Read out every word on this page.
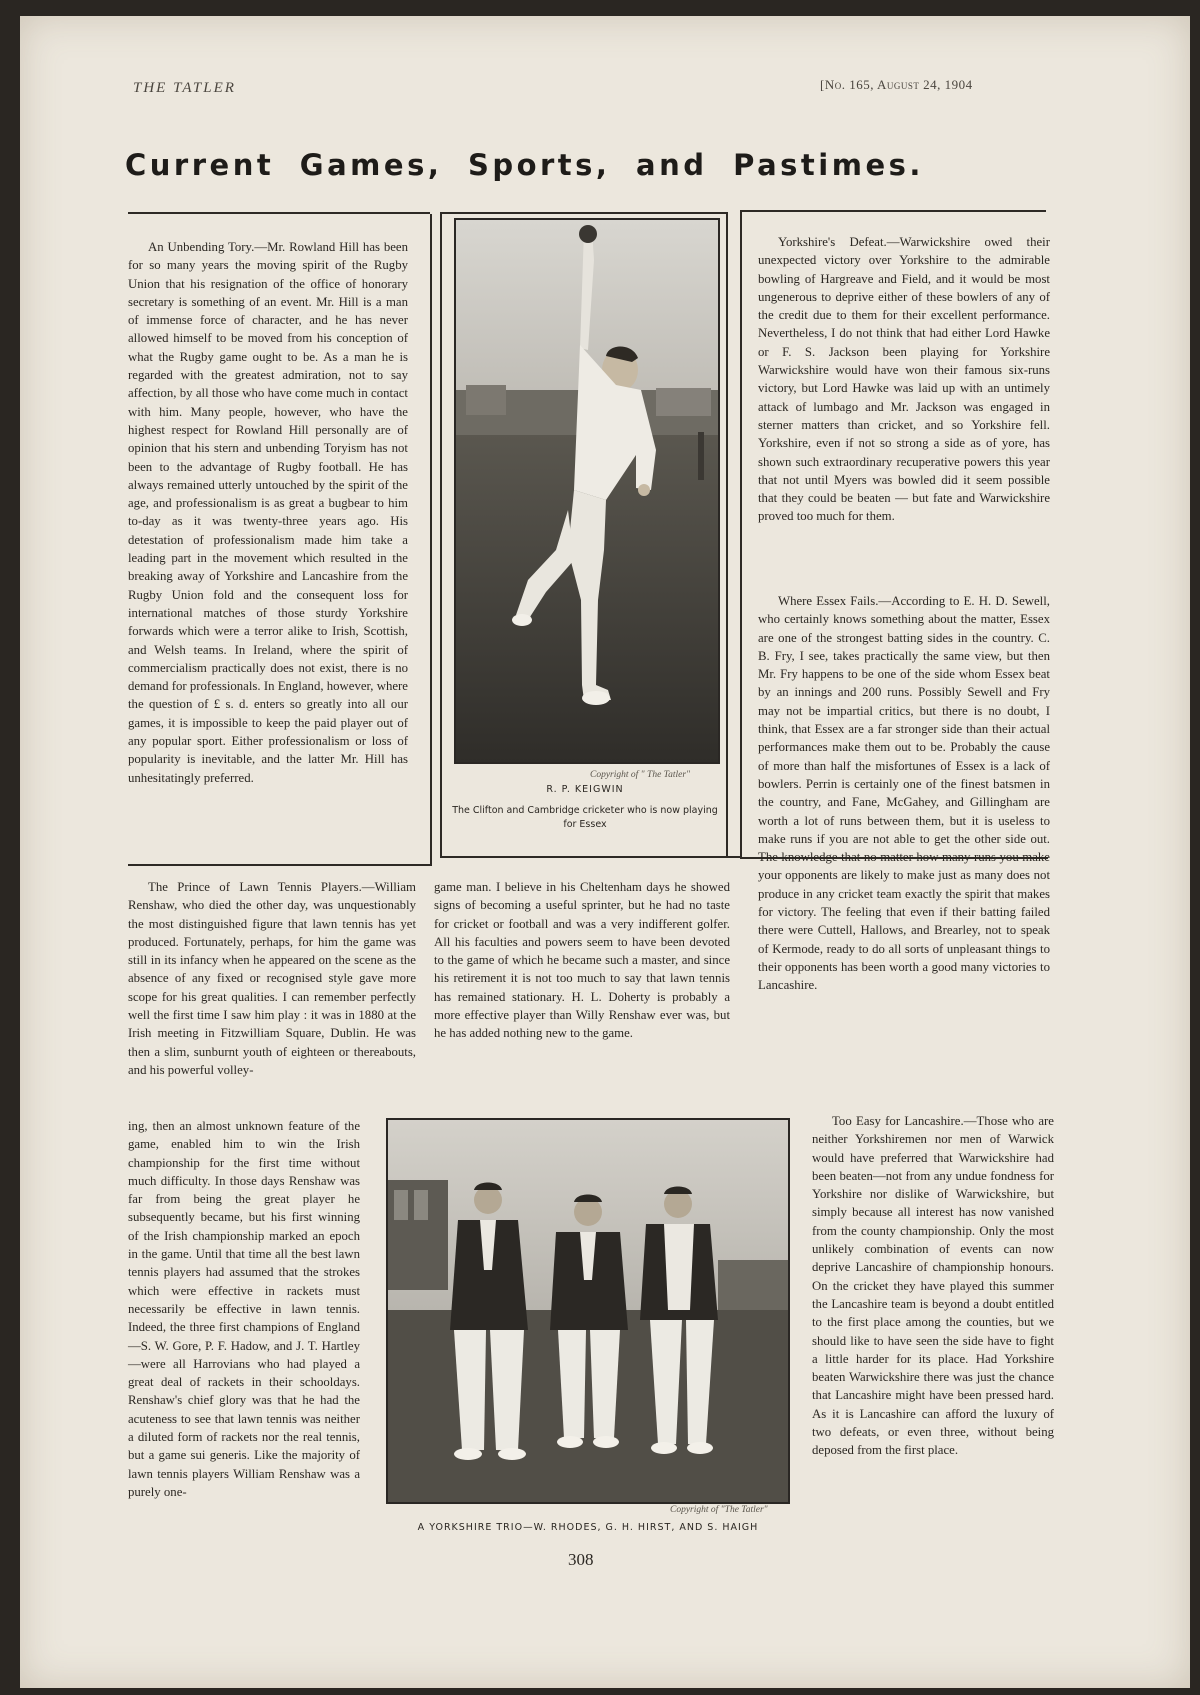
THE TATLER	[No. 165, August 24, 1904
Current Games, Sports, and Pastimes.

An Unbending Tory.—Mr. Rowland Hill has been for so many years the moving spirit of the Rugby Union that his resignation of the office of honorary secretary is something of an event. Mr. Hill is a man of immense force of character, and he has never allowed himself to be moved from his conception of what the Rugby game ought to be. As a man he is regarded with the greatest admiration, not to say affection, by all those who have come much in contact with him. Many people, however, who have the highest respect for Rowland Hill personally are of opinion that his stern and unbending Toryism has not been to the advantage of Rugby football. He has always remained utterly untouched by the spirit of the age, and professionalism is as great a bugbear to him to-day as it was twenty-three years ago. His detestation of professionalism made him take a leading part in the movement which resulted in the breaking away of Yorkshire and Lancashire from the Rugby Union fold and the consequent loss for international matches of those sturdy Yorkshire forwards which were a terror alike to Irish, Scottish, and Welsh teams. In Ireland, where the spirit of commercialism practically does not exist, there is no demand for professionals. In England, however, where the question of £ s. d. enters so greatly into all our games, it is impossible to keep the paid player out of any popular sport. Either professionalism or loss of popularity is inevitable, and the latter Mr. Hill has unhesitatingly preferred.	Copyright of " The Tatler"
R. P. KEIGWIN
The Clifton and Cambridge cricketer who is now playing for Essex

Yorkshire's Defeat.—Warwickshire owed their unexpected victory over Yorkshire to the admirable bowling of Hargreave and Field, and it would be most ungenerous to deprive either of these bowlers of any of the credit due to them for their excellent performance. Nevertheless, I do not think that had either Lord Hawke or F. S. Jackson been playing for Yorkshire Warwickshire would have won their famous six-runs victory, but Lord Hawke was laid up with an untimely attack of lumbago and Mr. Jackson was engaged in sterner matters than cricket, and so Yorkshire fell. Yorkshire, even if not so strong a side as of yore, has shown such extraordinary recuperative powers this year that not until Myers was bowled did it seem possible that they could be beaten — but fate and Warwickshire proved too much for them.

Where Essex Fails.—According to E. H. D. Sewell, who certainly knows something about the matter, Essex are one of the strongest batting sides in the country. C. B. Fry, I see, takes practically the same view, but then Mr. Fry happens to be one of the side whom Essex beat by an innings and 200 runs. Possibly Sewell and Fry may not be impartial critics, but there is no doubt, I think, that Essex are a far stronger side than their actual performances make them out to be. Probably the cause of more than half the misfortunes of Essex is a lack of bowlers. Perrin is certainly one of the finest batsmen in the country, and Fane, McGahey, and Gillingham are worth a lot of runs between them, but it is useless to make runs if you are not able to get the other side out. The knowledge that no matter how many runs you make your opponents are likely to make just as many does not produce in any cricket team exactly the spirit that makes for victory. The feeling that even if their batting failed there were Cuttell, Hallows, and Brearley, not to speak of Kermode, ready to do all sorts of unpleasant things to their opponents has been worth a good many victories to Lancashire.

The Prince of Lawn Tennis Players.—William Renshaw, who died the other day, was unquestionably the most distinguished figure that lawn tennis has yet produced. Fortunately, perhaps, for him the game was still in its infancy when he appeared on the scene as the absence of any fixed or recognised style gave more scope for his great qualities. I can remember perfectly well the first time I saw him play : it was in 1880 at the Irish meeting in Fitzwilliam Square, Dublin. He was then a slim, sunburnt youth of eighteen or thereabouts, and his powerful volley-

ing, then an almost unknown feature of the game, enabled him to win the Irish championship for the first time without much difficulty. In those days Renshaw was far from being the great player he subsequently became, but his first winning of the Irish championship marked an epoch in the game. Until that time all the best lawn tennis players had assumed that the strokes which were effective in rackets must necessarily be effective in lawn tennis. Indeed, the three first champions of England—S. W. Gore, P. F. Hadow, and J. T. Hartley—were all Harrovians who had played a great deal of rackets in their schooldays. Renshaw's chief glory was that he had the acuteness to see that lawn tennis was neither a diluted form of rackets nor the real tennis, but a game sui generis. Like the majority of lawn tennis players William Renshaw was a purely one-

game man. I believe in his Cheltenham days he showed signs of becoming a useful sprinter, but he had no taste for cricket or football and was a very indifferent golfer. All his faculties and powers seem to have been devoted to the game of which he became such a master, and since his retirement it is not too much to say that lawn tennis has remained stationary. H. L. Doherty is probably a more effective player than Willy Renshaw ever was, but he has added nothing new to the game.

Copyright of "The Tatler"
A YORKSHIRE TRIO—W. RHODES, G. H. HIRST, AND S. HAIGH

Too Easy for Lancashire.—Those who are neither Yorkshiremen nor men of Warwick would have preferred that Warwickshire had been beaten—not from any undue fondness for Yorkshire nor dislike of Warwickshire, but simply because all interest has now vanished from the county championship. Only the most unlikely combination of events can now deprive Lancashire of championship honours. On the cricket they have played this summer the Lancashire team is beyond a doubt entitled to the first place among the counties, but we should like to have seen the side have to fight a little harder for its place. Had Yorkshire beaten Warwickshire there was just the chance that Lancashire might have been pressed hard. As it is Lancashire can afford the luxury of two defeats, or even three, without being deposed from the first place.

308
